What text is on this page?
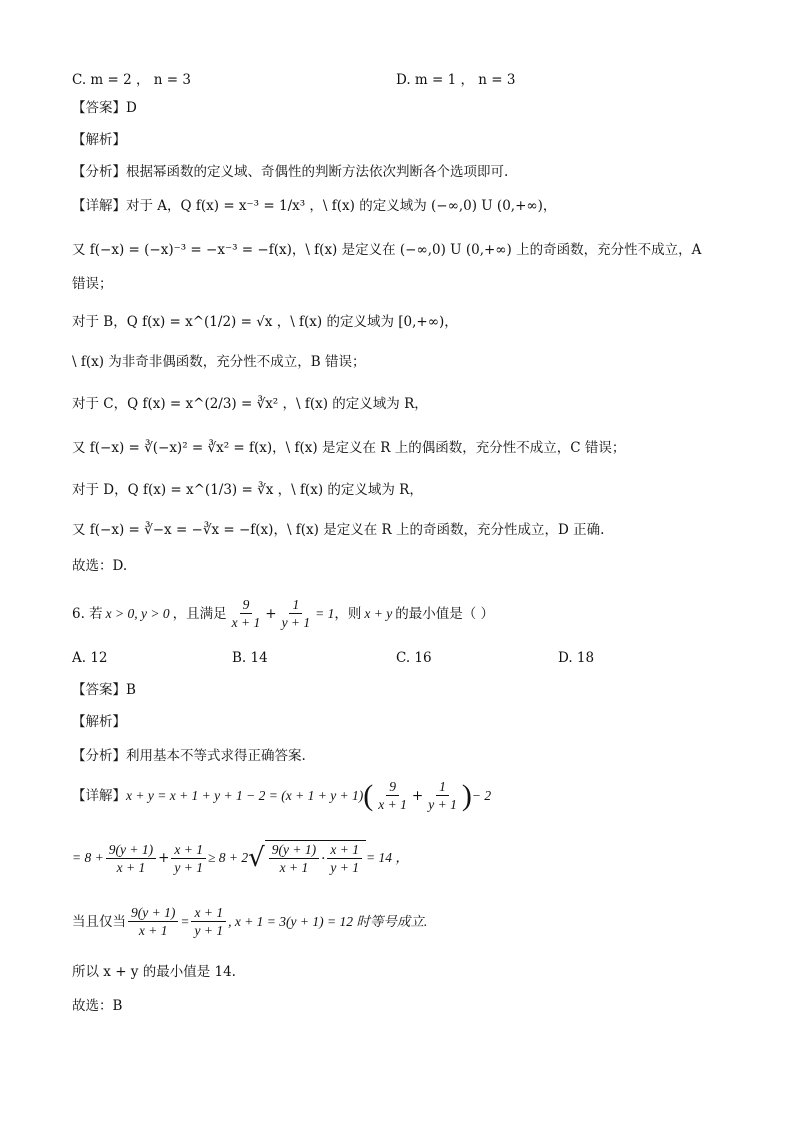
C. m = 2 ， n = 3	D. m = 1 ， n = 3
【答案】D
【解析】
【分析】根据幂函数的定义域、奇偶性的判断方法依次判断各个选项即可.
【详解】对于 A，Q f(x) = x⁻³ = 1/x³ ，\ f(x) 的定义域为 (−∞,0) U (0,+∞)，
又 f(−x) = (−x)⁻³ = −x⁻³ = −f(x)，\ f(x) 是定义在 (−∞,0) U (0,+∞) 上的奇函数，充分性不成立，A
错误；
对于 B，Q f(x) = x^(1/2) = √x ，\ f(x) 的定义域为 [0,+∞)，
\ f(x) 为非奇非偶函数，充分性不成立，B 错误；
对于 C，Q f(x) = x^(2/3) = ∛x² ，\ f(x) 的定义域为 R，
又 f(−x) = ∛(−x)² = ∛x² = f(x)，\ f(x) 是定义在 R 上的偶函数，充分性不成立，C 错误；
对于 D，Q f(x) = x^(1/3) = ∛x ，\ f(x) 的定义域为 R，
又 f(−x) = ∛−x = −∛x = −f(x)，\ f(x) 是定义在 R 上的奇函数，充分性成立，D 正确.
故选：D.
6. 若 x > 0, y > 0 ，且满足 $\frac{9}{x + 1} + \frac{1}{y + 1} = 1$ ，则 x + y 的最小值是（ ）
A. 12	B. 14	C. 16	D. 18
【答案】B
【解析】
【分析】利用基本不等式求得正确答案.
【详解】 x + y = x + 1 + y + 1 − 2 = (x + 1 + y + 1) ( $\frac{9}{x + 1} + \frac{1}{y + 1}$ ) − 2
= $8 + \frac{9(y + 1)}{x + 1} + \frac{x + 1}{y + 1} \ge 8 + 2$ √ $\frac{9(y + 1)}{x + 1} \cdot \frac{x + 1}{y + 1} = 14$ ，
当且仅当 $\frac{9(y + 1)}{x + 1} = \frac{x + 1}{y + 1}$ , x + 1 = 3(y + 1) = 12 时等号成立.
所以 x + y 的最小值是 14.
故选：B
